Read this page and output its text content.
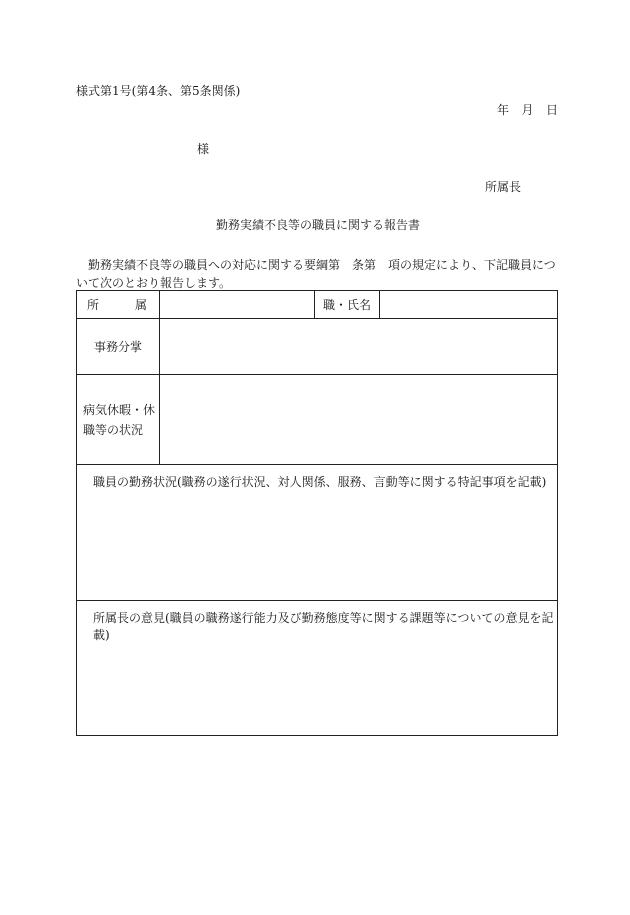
様式第1号(第4条、第5条関係)
年 月 日
様
所属長
勤務実績不良等の職員に関する報告書

勤務実績不良等の職員への対応に関する要綱第　条第　項の規定により、下記職員につ

いて次のとおり報告します。

所 属		職・氏名	
事務分掌			

病気休暇・休
職等の状況			

職員の勤務状況(職務の遂行状況、対人関係、服務、言動等に関する特記事項を記載)			
所属長の意見(職員の職務遂行能力及び勤務態度等に関する課題等についての意見を記載)			
